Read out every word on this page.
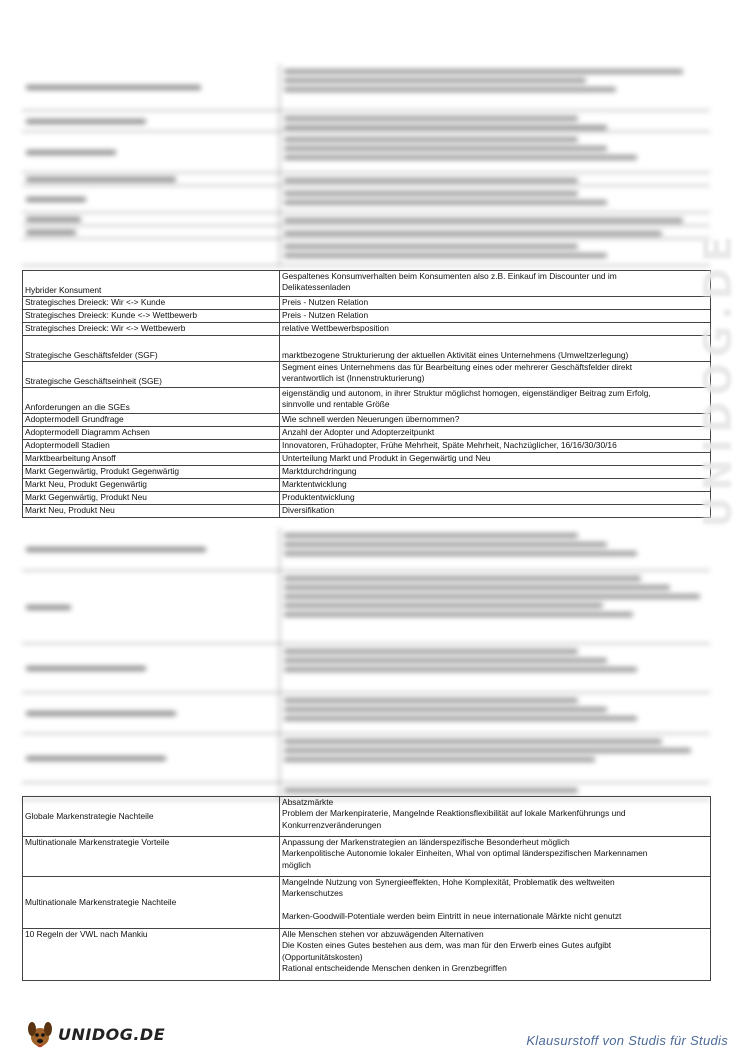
Hybrider Konsument	Gespaltenes Konsumverhalten beim Konsumenten also z.B. Einkauf im Discounter und im
Delikatessenladen

Strategisches Dreieck: Wir <-> Kunde	Preis - Nutzen Relation

Strategisches Dreieck: Kunde <-> Wettbewerb	Preis - Nutzen Relation

Strategisches Dreieck: Wir <-> Wettbewerb	relative Wettbewerbsposition

Strategische Geschäftsfelder (SGF)	marktbezogene Strukturierung der aktuellen Aktivität eines Unternehmens (Umweltzerlegung)

Strategische Geschäftseinheit (SGE)	Segment eines Unternehmens das für Bearbeitung eines oder mehrerer Geschäftsfelder direkt
verantwortlich ist (Innenstrukturierung)

Anforderungen an die SGEs	eigenständig und autonom, in ihrer Struktur möglichst homogen, eigenständiger Beitrag zum Erfolg,
sinnvolle und rentable Größe

Adoptermodell Grundfrage	Wie schnell werden Neuerungen übernommen?

Adoptermodell Diagramm Achsen	Anzahl der Adopter und Adopterzeitpunkt

Adoptermodell Stadien	Innovatoren, Frühadopter, Frühe Mehrheit, Späte Mehrheit, Nachzüglicher, 16/16/30/30/16

Marktbearbeitung Ansoff	Unterteilung Markt und Produkt in Gegenwärtig und Neu

Markt Gegenwärtig, Produkt Gegenwärtig	Marktdurchdringung

Markt Neu, Produkt Gegenwärtig	Marktentwicklung

Markt Gegenwärtig, Produkt Neu	Produktentwicklung

Markt Neu, Produkt Neu	Diversifikation
Globale Markenstrategie Nachteile	Absatzmärkte
Problem der Markenpiraterie, Mangelnde Reaktionsflexibilität auf lokale Markenführungs und
Konkurrenzveränderungen

Multinationale Markenstrategie Vorteile	Anpassung der Markenstrategien an länderspezifische Besonderheut möglich
Markenpolitische Autonomie lokaler Einheiten, Whal von optimal länderspezifischen Markennamen
möglich

Multinationale Markenstrategie Nachteile	Mangelnde Nutzung von Synergieeffekten, Hohe Komplexität, Problematik des weltweiten
Markenschutzes
Marken-Goodwill-Potentiale werden beim Eintritt in neue internationale Märkte nicht genutzt

10 Regeln der VWL nach Mankiu	Alle Menschen stehen vor abzuwägenden Alternativen
Die Kosten eines Gutes bestehen aus dem, was man für den Erwerb eines Gutes aufgibt
(Opportunitätskosten)
Rational entscheidende Menschen denken in Grenzbegriffen
UNIDOG.DE
UNIDOG.DE	Klausurstoff von Studis für Studis
